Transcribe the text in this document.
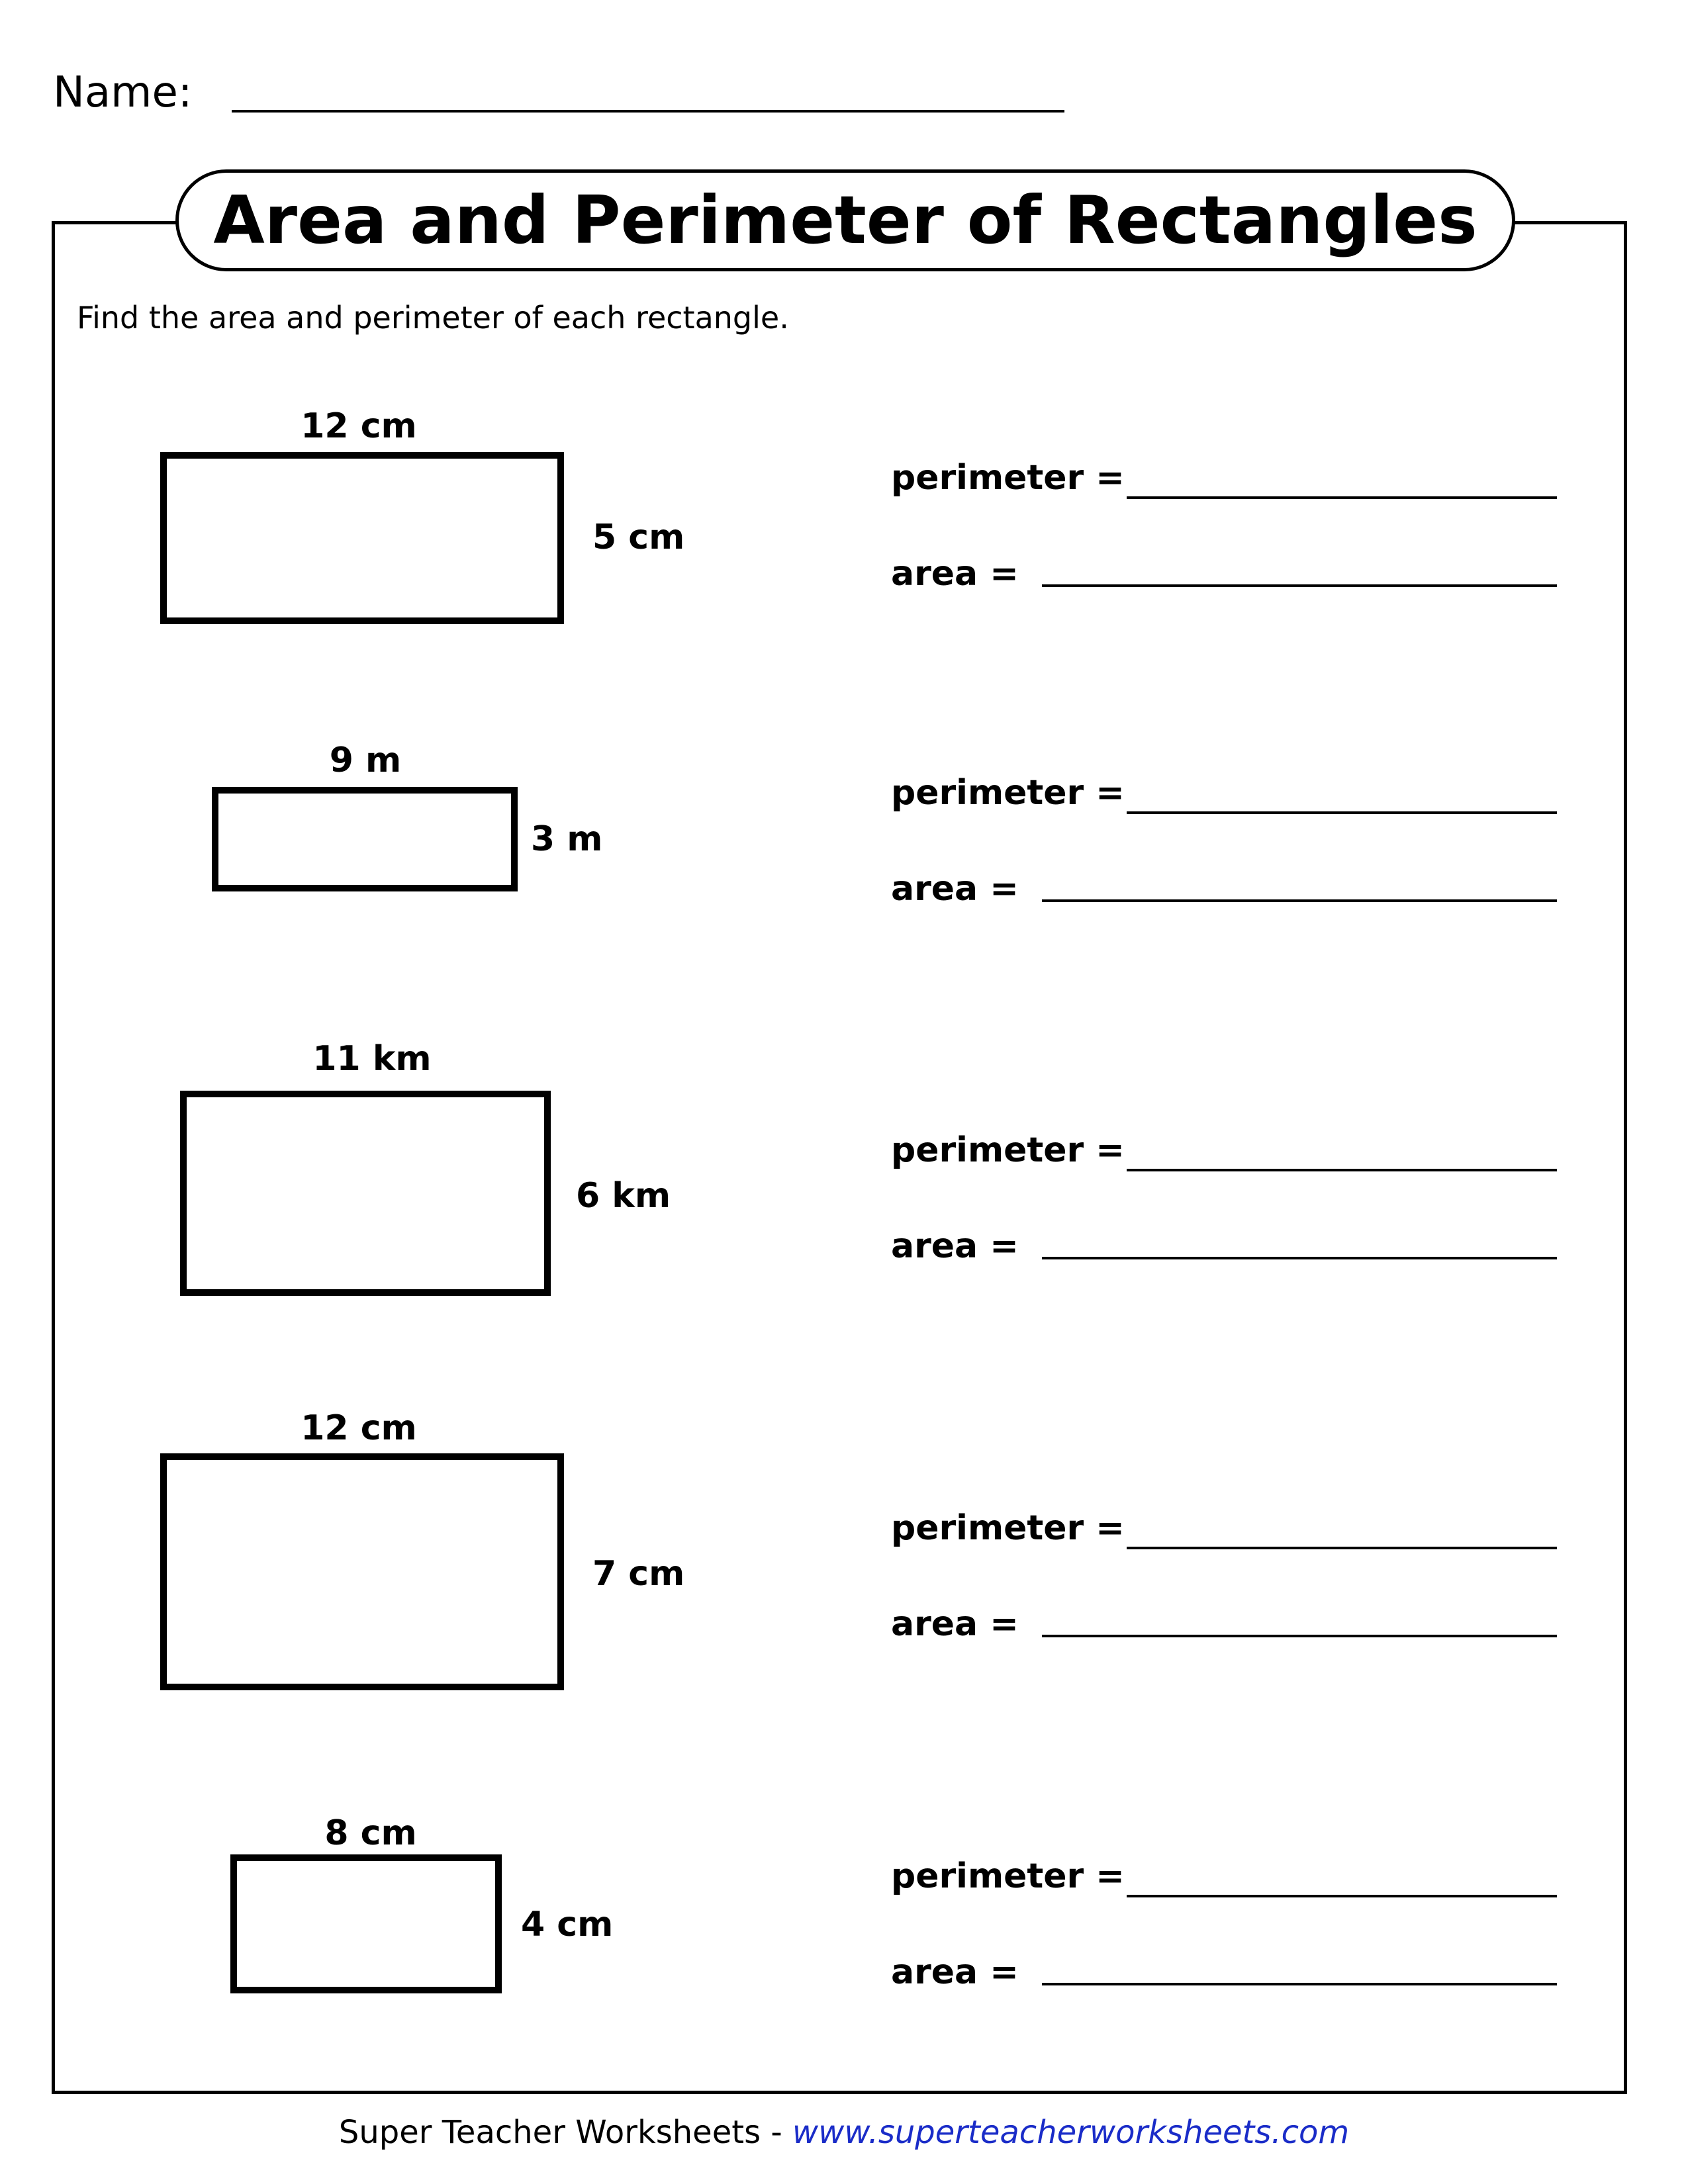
Name:
Area and Perimeter of Rectangles
Find the area and perimeter of each rectangle.
12 cm
5 cm
perimeter =
area =
9 m
3 m
perimeter =
area =
11 km
6 km
perimeter =
area =
12 cm
7 cm
perimeter =
area =
8 cm
4 cm
perimeter =
area =
Super Teacher Worksheets - www.superteacherworksheets.com
